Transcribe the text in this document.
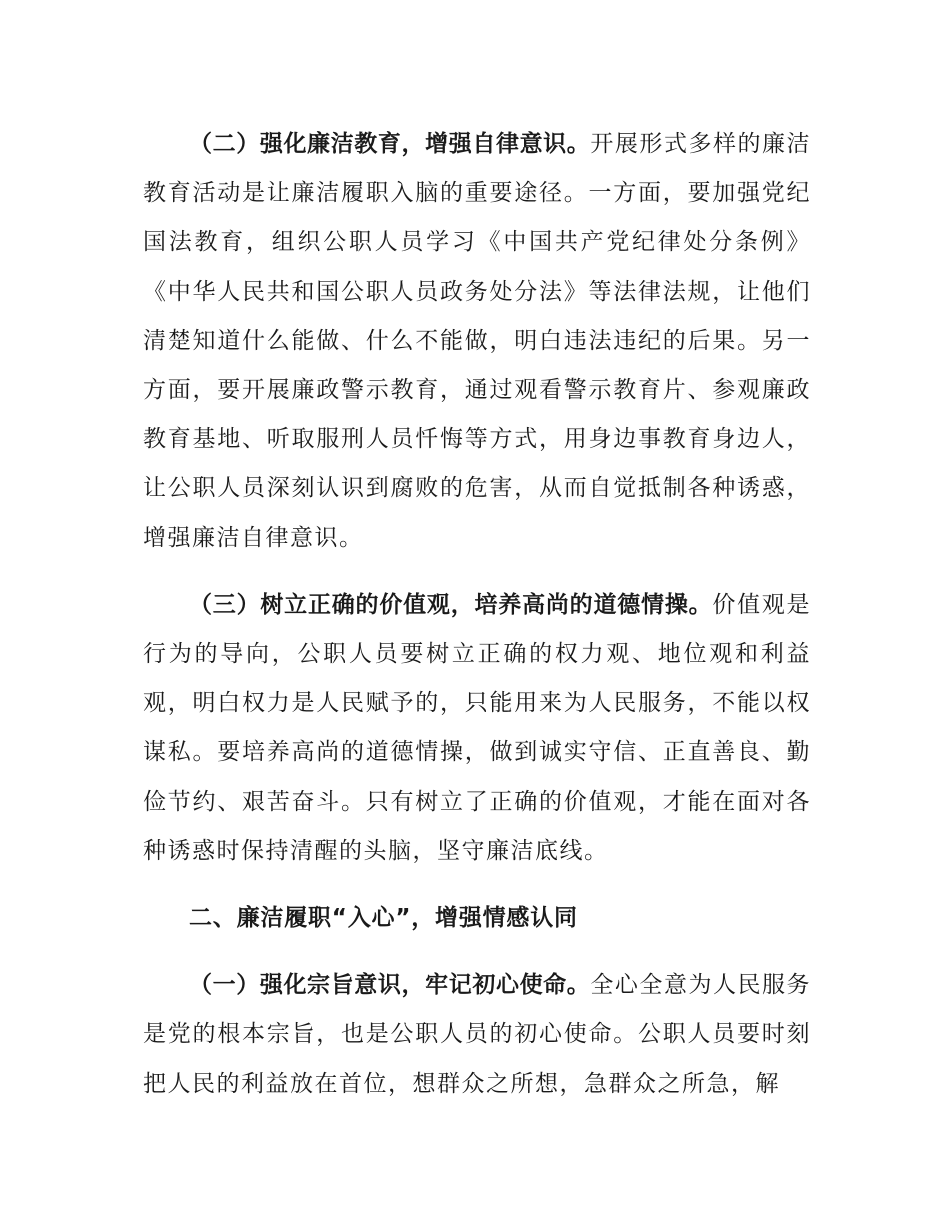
（二）强化廉洁教育，增强自律意识。开展形式多样的廉洁教育活动是让廉洁履职入脑的重要途径。一方面，要加强党纪国法教育，组织公职人员学习《中国共产党纪律处分条例》《中华人民共和国公职人员政务处分法》等法律法规，让他们清楚知道什么能做、什么不能做，明白违法违纪的后果。另一方面，要开展廉政警示教育，通过观看警示教育片、参观廉政教育基地、听取服刑人员忏悔等方式，用身边事教育身边人，让公职人员深刻认识到腐败的危害，从而自觉抵制各种诱惑，增强廉洁自律意识。

（三）树立正确的价值观，培养高尚的道德情操。价值观是行为的导向，公职人员要树立正确的权力观、地位观和利益观，明白权力是人民赋予的，只能用来为人民服务，不能以权谋私。要培养高尚的道德情操，做到诚实守信、正直善良、勤俭节约、艰苦奋斗。只有树立了正确的价值观，才能在面对各种诱惑时保持清醒的头脑，坚守廉洁底线。

二、廉洁履职“入心”，增强情感认同

（一）强化宗旨意识，牢记初心使命。全心全意为人民服务是党的根本宗旨，也是公职人员的初心使命。公职人员要时刻把人民的利益放在首位，想群众之所想，急群众之所急，解
